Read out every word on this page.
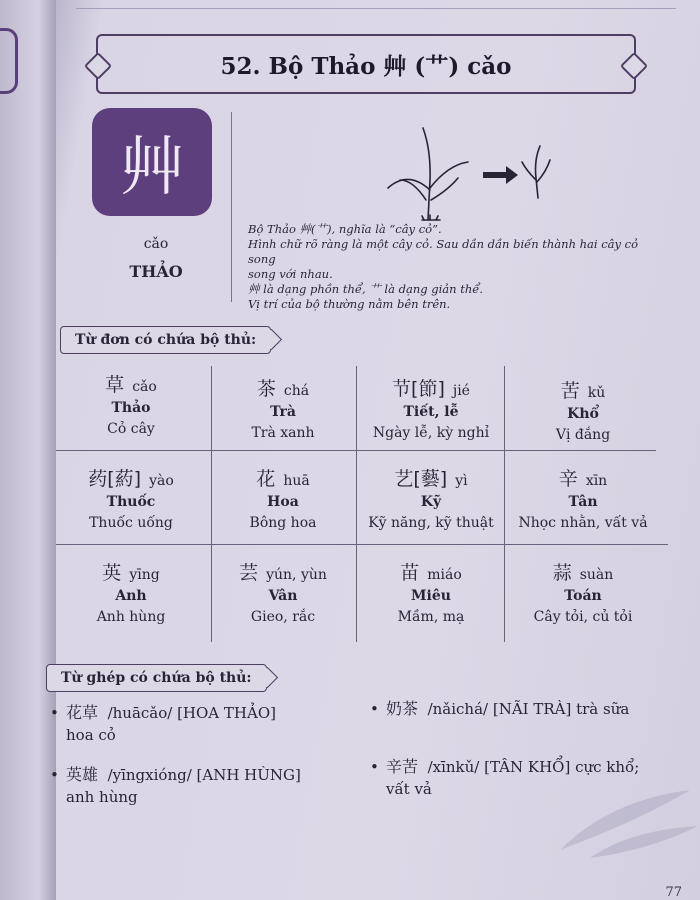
52. Bộ Thảo 艸 (艹) cǎo
艸
cǎo
THẢO
Bộ Thảo 艸(艹), nghĩa là “cây cỏ”.
Hình chữ rõ ràng là một cây cỏ. Sau dần dần biến thành hai cây cỏ song
song với nhau.
艸 là dạng phồn thể, 艹 là dạng giản thể.
Vị trí của bộ thường nằm bên trên.
Từ đơn có chứa bộ thủ:
草 cǎo
Thảo
Cỏ cây
茶 chá
Trà
Trà xanh
节[節] jié
Tiết, lễ
Ngày lễ, kỳ nghỉ
苦 kǔ
Khổ
Vị đắng
药[葯] yào
Thuốc
Thuốc uống
花 huā
Hoa
Bông hoa
艺[藝] yì
Kỹ
Kỹ năng, kỹ thuật
辛 xīn
Tân
Nhọc nhằn, vất vả
英 yīng
Anh
Anh hùng
芸 yún, yùn
Vân
Gieo, rắc
苗 miáo
Miêu
Mầm, mạ
蒜 suàn
Toán
Cây tỏi, củ tỏi
Từ ghép có chứa bộ thủ:
• 花草 /huācǎo/ [HOA THẢO]
hoa cỏ
• 奶茶 /nǎichá/ [NÃI TRÀ] trà sữa
• 英雄 /yīngxióng/ [ANH HÙNG]
anh hùng
• 辛苦 /xīnkǔ/ [TÂN KHỔ] cực khổ;
vất vả
77
